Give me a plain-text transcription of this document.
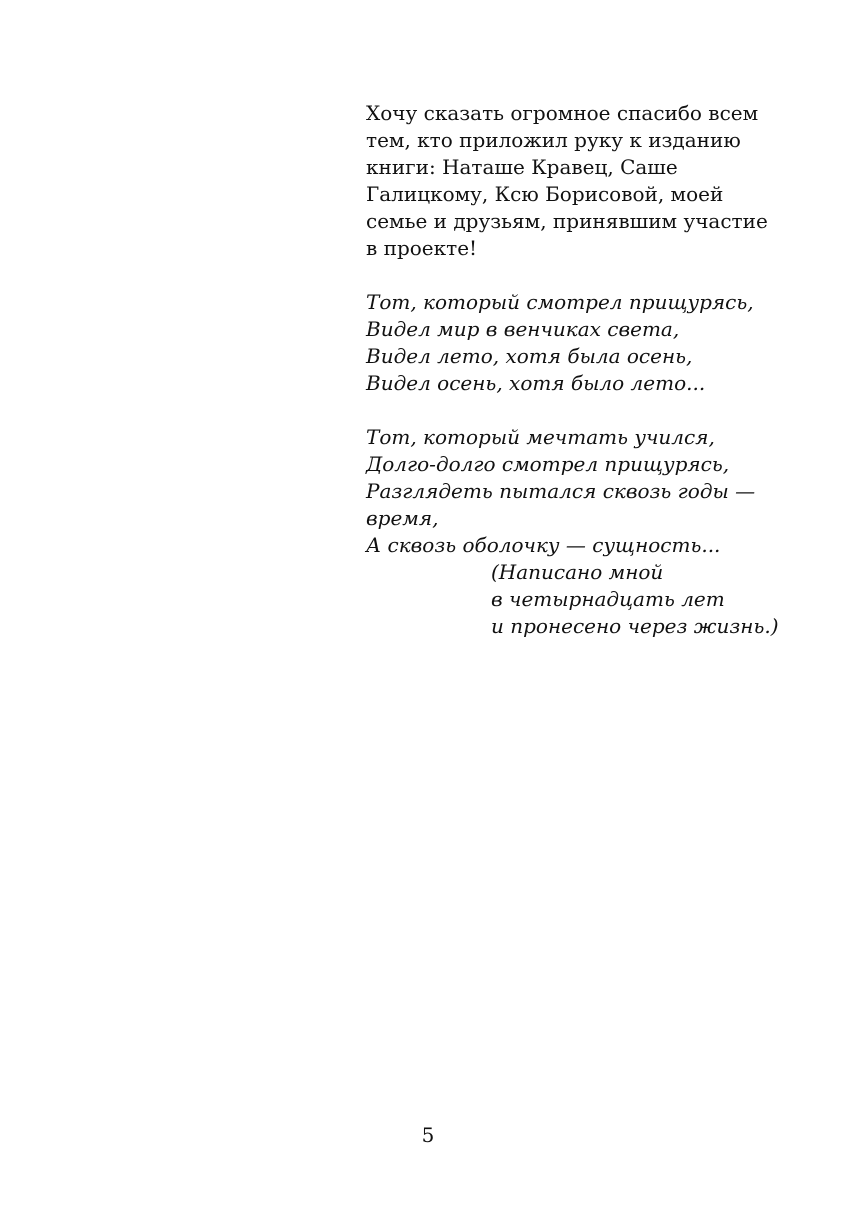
Хочу сказать огромное спасибо всем
тем, кто приложил руку к изданию
книги: Наташе Кравец, Саше
Галицкому, Ксю Борисовой, моей
семье и друзьям, принявшим участие
в проекте!

Тот, который смотрел прищурясь,
Видел мир в венчиках света,
Видел лето, хотя была осень,
Видел осень, хотя было лето...

Тот, который мечтать учился,
Долго-долго смотрел прищурясь,
Разглядеть пытался сквозь годы —
время,
А сквозь оболочку — сущность...

(Написано мной
в четырнадцать лет
и пронесено через жизнь.)

5
